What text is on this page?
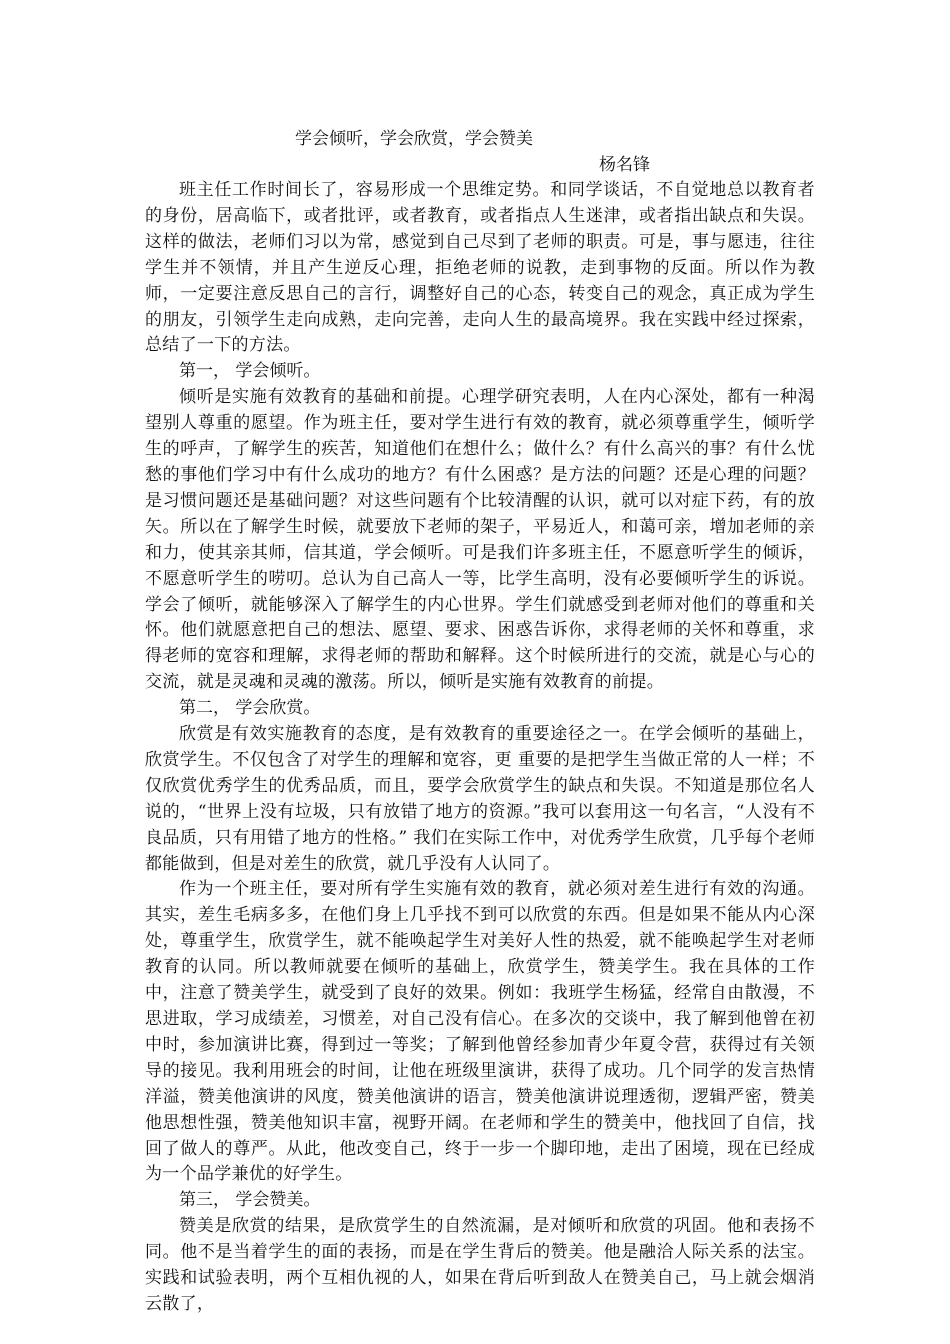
学会倾听，学会欣赏，学会赞美
杨名锋

班主任工作时间长了，容易形成一个思维定势。和同学谈话，不自觉地总以教育者的身份，居高临下，或者批评，或者教育，或者指点人生迷津，或者指出缺点和失误。这样的做法，老师们习以为常，感觉到自己尽到了老师的职责。可是，事与愿违，往往学生并不领情，并且产生逆反心理，拒绝老师的说教，走到事物的反面。所以作为教师，一定要注意反思自己的言行，调整好自己的心态，转变自己的观念，真正成为学生的朋友，引领学生走向成熟，走向完善，走向人生的最高境界。我在实践中经过探索，总结了一下的方法。

第一， 学会倾听。

倾听是实施有效教育的基础和前提。心理学研究表明，人在内心深处，都有一种渴望别人尊重的愿望。作为班主任，要对学生进行有效的教育，就必须尊重学生，倾听学生的呼声，了解学生的疾苦，知道他们在想什么；做什么？有什么高兴的事？有什么忧愁的事他们学习中有什么成功的地方？有什么困惑？是方法的问题？还是心理的问题？是习惯问题还是基础问题？对这些问题有个比较清醒的认识，就可以对症下药，有的放矢。所以在了解学生时候，就要放下老师的架子，平易近人，和蔼可亲，增加老师的亲和力，使其亲其师，信其道，学会倾听。可是我们许多班主任，不愿意听学生的倾诉，不愿意听学生的唠叨。总认为自己高人一等，比学生高明，没有必要倾听学生的诉说。学会了倾听，就能够深入了解学生的内心世界。学生们就感受到老师对他们的尊重和关怀。他们就愿意把自己的想法、愿望、要求、困惑告诉你，求得老师的关怀和尊重，求得老师的宽容和理解，求得老师的帮助和解释。这个时候所进行的交流，就是心与心的交流，就是灵魂和灵魂的激荡。所以，倾听是实施有效教育的前提。

第二， 学会欣赏。

欣赏是有效实施教育的态度，是有效教育的重要途径之一。在学会倾听的基础上，欣赏学生。不仅包含了对学生的理解和宽容，更 重要的是把学生当做正常的人一样；不仅欣赏优秀学生的优秀品质，而且，要学会欣赏学生的缺点和失误。不知道是那位名人说的，“世界上没有垃圾，只有放错了地方的资源。”我可以套用这一句名言，“人没有不良品质，只有用错了地方的性格。” 我们在实际工作中，对优秀学生欣赏，几乎每个老师都能做到，但是对差生的欣赏，就几乎没有人认同了。

作为一个班主任，要对所有学生实施有效的教育，就必须对差生进行有效的沟通。其实，差生毛病多多，在他们身上几乎找不到可以欣赏的东西。但是如果不能从内心深处，尊重学生，欣赏学生，就不能唤起学生对美好人性的热爱，就不能唤起学生对老师教育的认同。所以教师就要在倾听的基础上，欣赏学生，赞美学生。我在具体的工作中，注意了赞美学生，就受到了良好的效果。例如：我班学生杨猛，经常自由散漫，不思进取，学习成绩差，习惯差，对自己没有信心。在多次的交谈中，我了解到他曾在初中时，参加演讲比赛，得到过一等奖；了解到他曾经参加青少年夏令营，获得过有关领导的接见。我利用班会的时间，让他在班级里演讲，获得了成功。几个同学的发言热情洋溢，赞美他演讲的风度，赞美他演讲的语言，赞美他演讲说理透彻，逻辑严密，赞美他思想性强，赞美他知识丰富，视野开阔。在老师和学生的赞美中，他找回了自信，找回了做人的尊严。从此，他改变自己，终于一步一个脚印地，走出了困境，现在已经成为一个品学兼优的好学生。

第三， 学会赞美。

赞美是欣赏的结果，是欣赏学生的自然流漏，是对倾听和欣赏的巩固。他和表扬不同。他不是当着学生的面的表扬，而是在学生背后的赞美。他是融洽人际关系的法宝。实践和试验表明，两个互相仇视的人，如果在背后听到敌人在赞美自己，马上就会烟消云散了，
